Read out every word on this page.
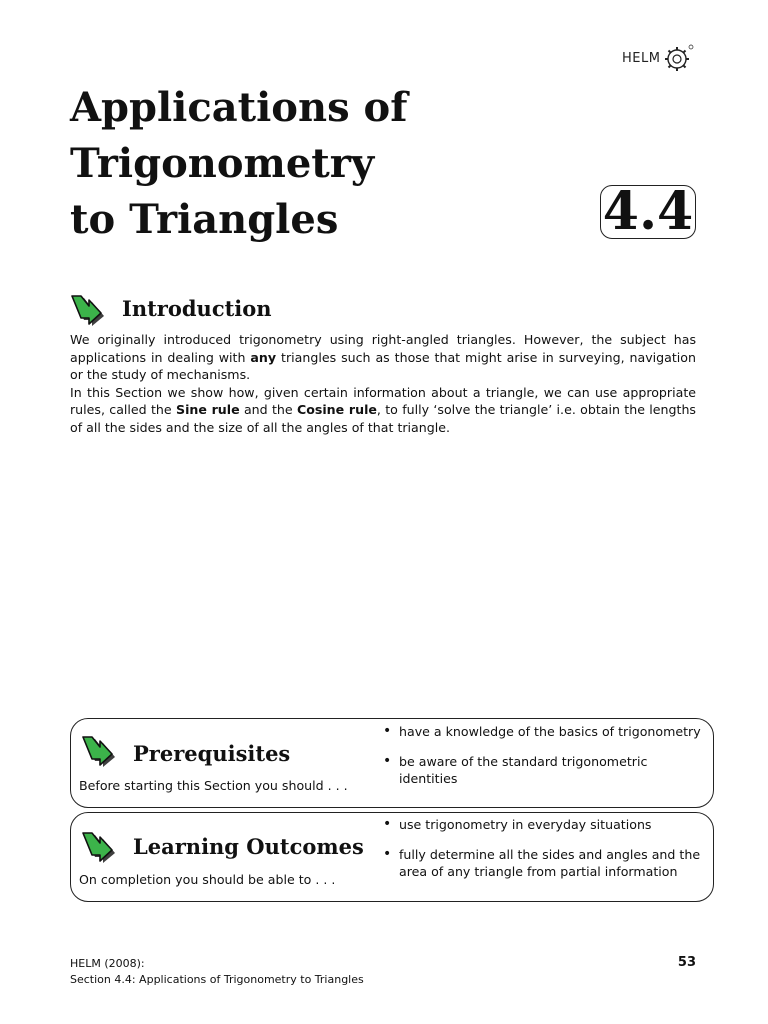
HELM
Applications of
Trigonometry
to Triangles	4.4
Introduction

We originally introduced trigonometry using right-angled triangles. However, the subject has applications in dealing with any triangles such as those that might arise in surveying, navigation or the study of mechanisms.

In this Section we show how, given certain information about a triangle, we can use appropriate rules, called the Sine rule and the Cosine rule, to fully ‘solve the triangle’ i.e. obtain the lengths of all the sides and the size of all the angles of that triangle.

Prerequisites
Before starting this Section you should . . .
• have a knowledge of the basics of trigonometry
• be aware of the standard trigonometric identities
Learning Outcomes
On completion you should be able to . . .
• use trigonometry in everyday situations
• fully determine all the sides and angles and the area of any triangle from partial information
HELM (2008):
Section 4.4: Applications of Trigonometry to Triangles
53
